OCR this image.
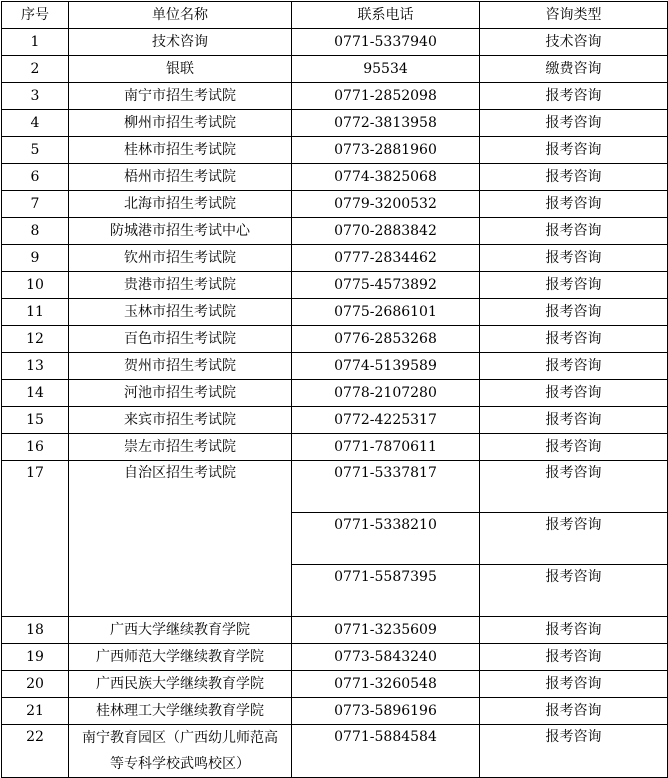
序号	单位名称	联系电话	咨询类型
1	技术咨询	0771-5337940	技术咨询
2	银联	95534	缴费咨询
3	南宁市招生考试院	0771-2852098	报考咨询
4	柳州市招生考试院	0772-3813958	报考咨询
5	桂林市招生考试院	0773-2881960	报考咨询
6	梧州市招生考试院	0774-3825068	报考咨询
7	北海市招生考试院	0779-3200532	报考咨询
8	防城港市招生考试中心	0770-2883842	报考咨询
9	钦州市招生考试院	0777-2834462	报考咨询
10	贵港市招生考试院	0775-4573892	报考咨询
11	玉林市招生考试院	0775-2686101	报考咨询
12	百色市招生考试院	0776-2853268	报考咨询
13	贺州市招生考试院	0774-5139589	报考咨询
14	河池市招生考试院	0778-2107280	报考咨询
15	来宾市招生考试院	0772-4225317	报考咨询
16	崇左市招生考试院	0771-7870611	报考咨询
17	自治区招生考试院	0771-5337817	报考咨询
		0771-5338210	报考咨询
		0771-5587395	报考咨询
18	广西大学继续教育学院	0771-3235609	报考咨询
19	广西师范大学继续教育学院	0773-5843240	报考咨询
20	广西民族大学继续教育学院	0771-3260548	报考咨询
21	桂林理工大学继续教育学院	0773-5896196	报考咨询
22	南宁教育园区（广西幼儿师范高等专科学校武鸣校区）	0771-5884584	报考咨询
